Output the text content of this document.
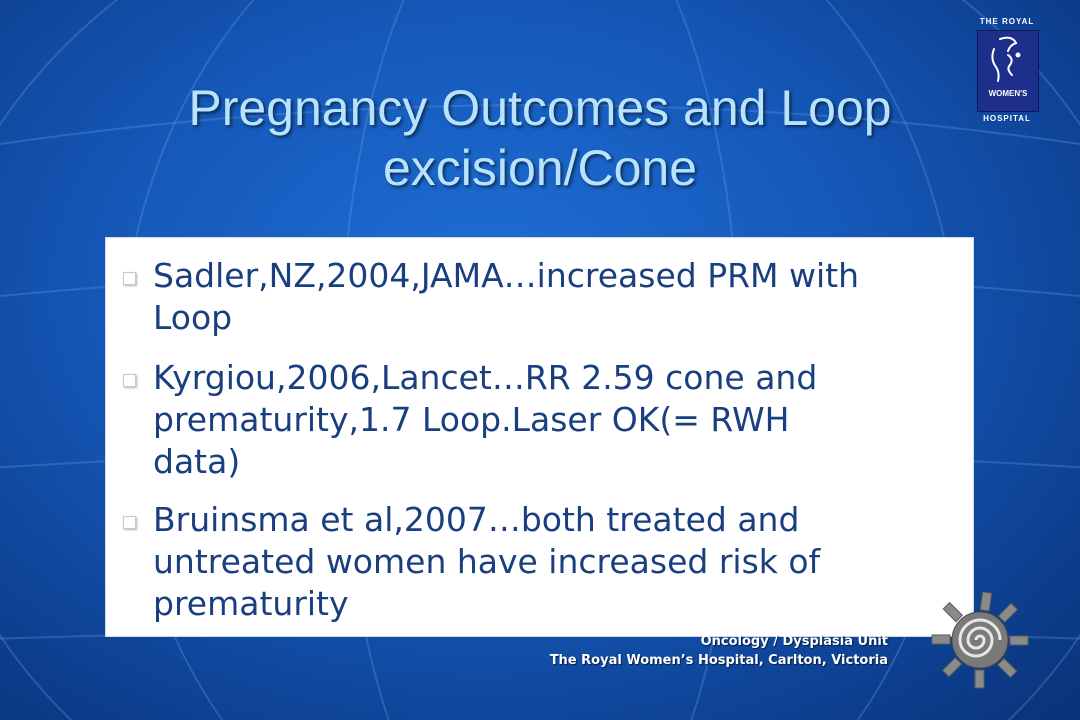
Pregnancy Outcomes and Loop
excision/Cone
Sadler,NZ,2004,JAMA…increased PRM with
Loop
Kyrgiou,2006,Lancet…RR 2.59 cone and
prematurity,1.7 Loop.Laser OK(= RWH
data)
Bruinsma et al,2007…both treated and
untreated women have increased risk of
prematurity
Oncology / Dysplasia Unit
The Royal Women’s Hospital, Carlton, Victoria
THE ROYAL
WOMEN'S
HOSPITAL
